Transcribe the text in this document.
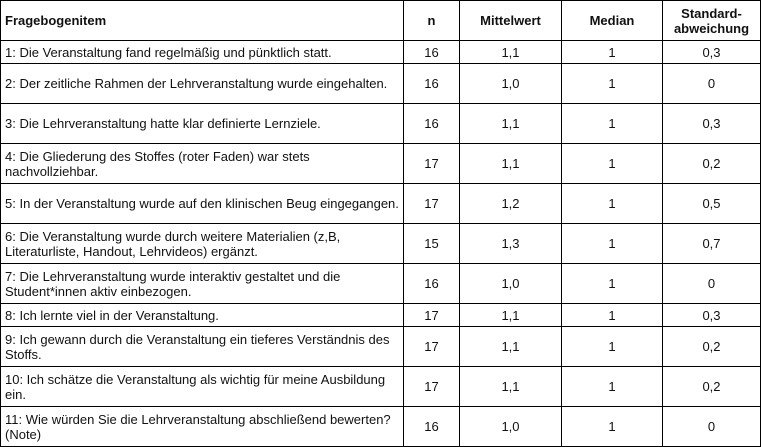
Fragebogenitem	n	Mittelwert	Median	Standard-
abweichung
1: Die Veranstaltung fand regelmäßig und pünktlich statt.	16	1,1	1	0,3
2: Der zeitliche Rahmen der Lehrveranstaltung wurde eingehalten.	16	1,0	1	0
3: Die Lehrveranstaltung hatte klar definierte Lernziele.	16	1,1	1	0,3
4: Die Gliederung des Stoffes (roter Faden) war stets nachvollziehbar.	17	1,1	1	0,2
5: In der Veranstaltung wurde auf den klinischen Beug eingegangen.	17	1,2	1	0,5
6: Die Veranstaltung wurde durch weitere Materialien (z,B, Literaturliste, Handout, Lehrvideos) ergänzt.	15	1,3	1	0,7
7: Die Lehrveranstaltung wurde interaktiv gestaltet und die Student*innen aktiv einbezogen.	16	1,0	1	0
8: Ich lernte viel in der Veranstaltung.	17	1,1	1	0,3
9: Ich gewann durch die Veranstaltung ein tieferes Verständnis des Stoffs.	17	1,1	1	0,2
10: Ich schätze die Veranstaltung als wichtig für meine Ausbildung ein.	17	1,1	1	0,2
11: Wie würden Sie die Lehrveranstaltung abschließend bewerten? (Note)	16	1,0	1	0
